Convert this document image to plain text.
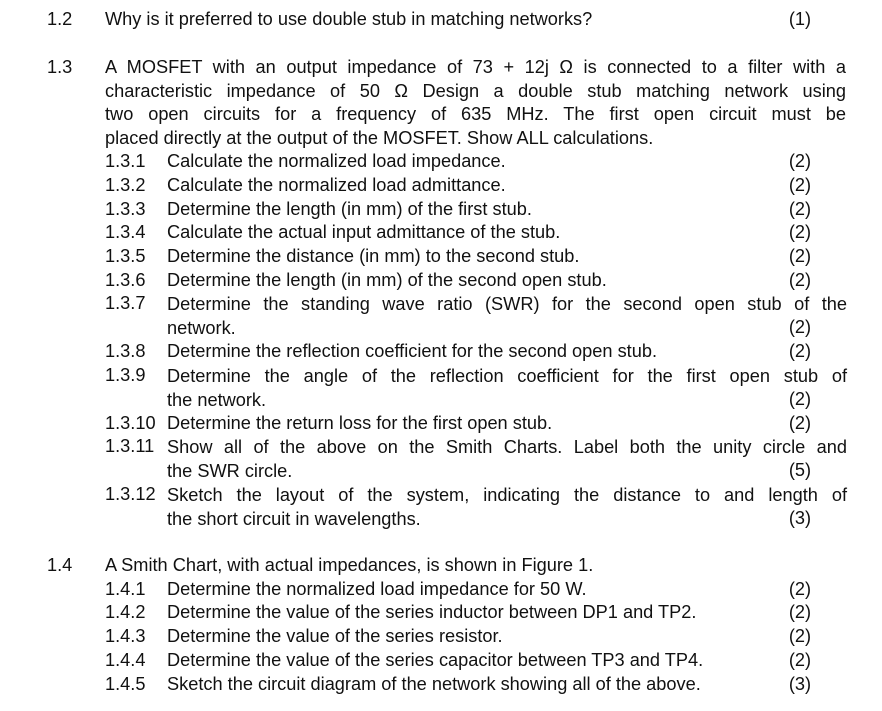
1.2 Why is it preferred to use double stub in matching networks?	(1)
1.3 A MOSFET with an output impedance of 73 + 12j Ω is connected to a filter with a
characteristic impedance of 50 Ω Design a double stub matching network using
two open circuits for a frequency of 635 MHz. The first open circuit must be
placed directly at the output of the MOSFET. Show ALL calculations.
1.3.1 Calculate the normalized load impedance.	(2)
1.3.2 Calculate the normalized load admittance.	(2)
1.3.3 Determine the length (in mm) of the first stub.	(2)
1.3.4 Calculate the actual input admittance of the stub.	(2)
1.3.5 Determine the distance (in mm) to the second stub.	(2)
1.3.6 Determine the length (in mm) of the second open stub.	(2)
1.3.7 Determine the standing wave ratio (SWR) for the second open stub of the
network.	(2)
1.3.8 Determine the reflection coefficient for the second open stub.	(2)
1.3.9 Determine the angle of the reflection coefficient for the first open stub of
the network.	(2)
1.3.10 Determine the return loss for the first open stub.	(2)
1.3.11 Show all of the above on the Smith Charts. Label both the unity circle and
the SWR circle.	(5)
1.3.12 Sketch the layout of the system, indicating the distance to and length of
the short circuit in wavelengths.	(3)
1.4 A Smith Chart, with actual impedances, is shown in Figure 1.
1.4.1 Determine the normalized load impedance for 50 W.	(2)
1.4.2 Determine the value of the series inductor between DP1 and TP2.	(2)
1.4.3 Determine the value of the series resistor.	(2)
1.4.4 Determine the value of the series capacitor between TP3 and TP4.	(2)
1.4.5 Sketch the circuit diagram of the network showing all of the above.	(3)
